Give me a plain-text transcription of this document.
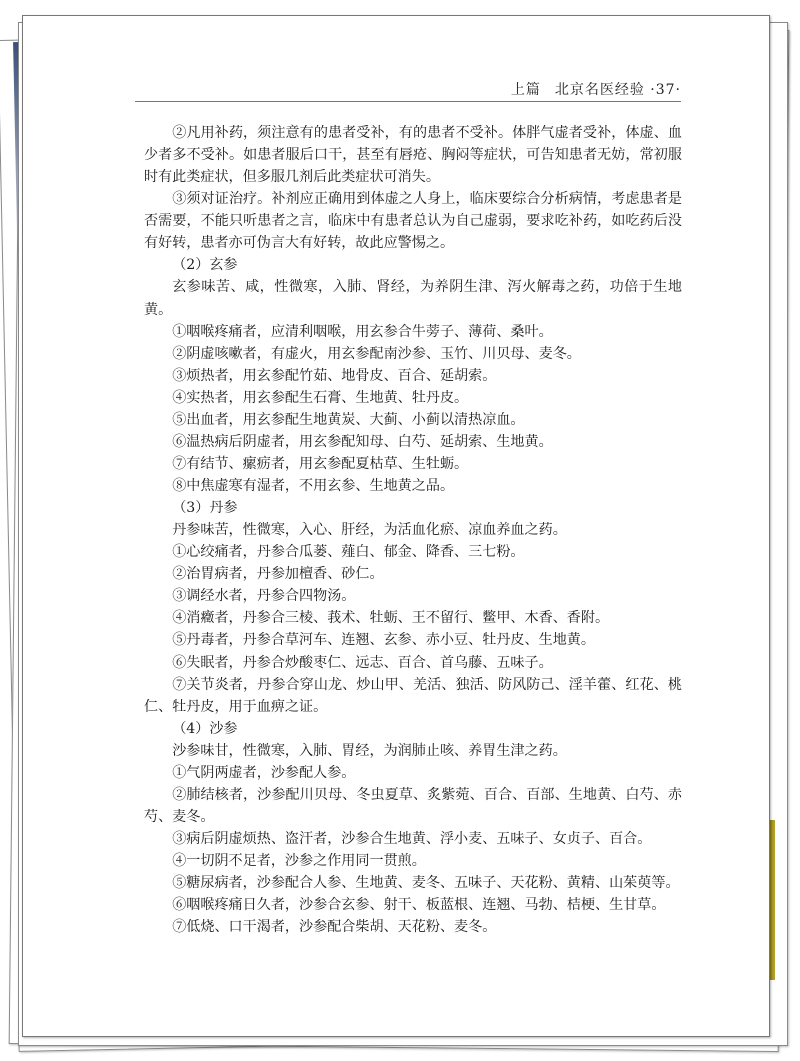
上篇 北京名医经验 ·37·

②凡用补药，须注意有的患者受补，有的患者不受补。体胖气虚者受补，体虚、血少者多不受补。如患者服后口干，甚至有唇疮、胸闷等症状，可告知患者无妨，常初服时有此类症状，但多服几剂后此类症状可消失。

③须对证治疗。补剂应正确用到体虚之人身上，临床要综合分析病情，考虑患者是否需要，不能只听患者之言，临床中有患者总认为自己虚弱，要求吃补药，如吃药后没有好转，患者亦可伪言大有好转，故此应警惕之。

（2）玄参

玄参味苦、咸，性微寒，入肺、肾经，为养阴生津、泻火解毒之药，功倍于生地黄。

①咽喉疼痛者，应清利咽喉，用玄参合牛蒡子、薄荷、桑叶。

②阴虚咳嗽者，有虚火，用玄参配南沙参、玉竹、川贝母、麦冬。

③烦热者，用玄参配竹茹、地骨皮、百合、延胡索。

④实热者，用玄参配生石膏、生地黄、牡丹皮。

⑤出血者，用玄参配生地黄炭、大蓟、小蓟以清热凉血。

⑥温热病后阴虚者，用玄参配知母、白芍、延胡索、生地黄。

⑦有结节、瘰疬者，用玄参配夏枯草、生牡蛎。

⑧中焦虚寒有湿者，不用玄参、生地黄之品。

（3）丹参

丹参味苦，性微寒，入心、肝经，为活血化瘀、凉血养血之药。

①心绞痛者，丹参合瓜蒌、薤白、郁金、降香、三七粉。

②治胃病者，丹参加檀香、砂仁。

③调经水者，丹参合四物汤。

④消癥者，丹参合三棱、莪术、牡蛎、王不留行、鳖甲、木香、香附。

⑤丹毒者，丹参合草河车、连翘、玄参、赤小豆、牡丹皮、生地黄。

⑥失眠者，丹参合炒酸枣仁、远志、百合、首乌藤、五味子。

⑦关节炎者，丹参合穿山龙、炒山甲、羌活、独活、防风防己、淫羊藿、红花、桃仁、牡丹皮，用于血痹之证。

（4）沙参

沙参味甘，性微寒，入肺、胃经，为润肺止咳、养胃生津之药。

①气阴两虚者，沙参配人参。

②肺结核者，沙参配川贝母、冬虫夏草、炙紫菀、百合、百部、生地黄、白芍、赤芍、麦冬。

③病后阴虚烦热、盗汗者，沙参合生地黄、浮小麦、五味子、女贞子、百合。

④一切阴不足者，沙参之作用同一贯煎。

⑤糖尿病者，沙参配合人参、生地黄、麦冬、五味子、天花粉、黄精、山茱萸等。

⑥咽喉疼痛日久者，沙参合玄参、射干、板蓝根、连翘、马勃、桔梗、生甘草。

⑦低烧、口干渴者，沙参配合柴胡、天花粉、麦冬。
